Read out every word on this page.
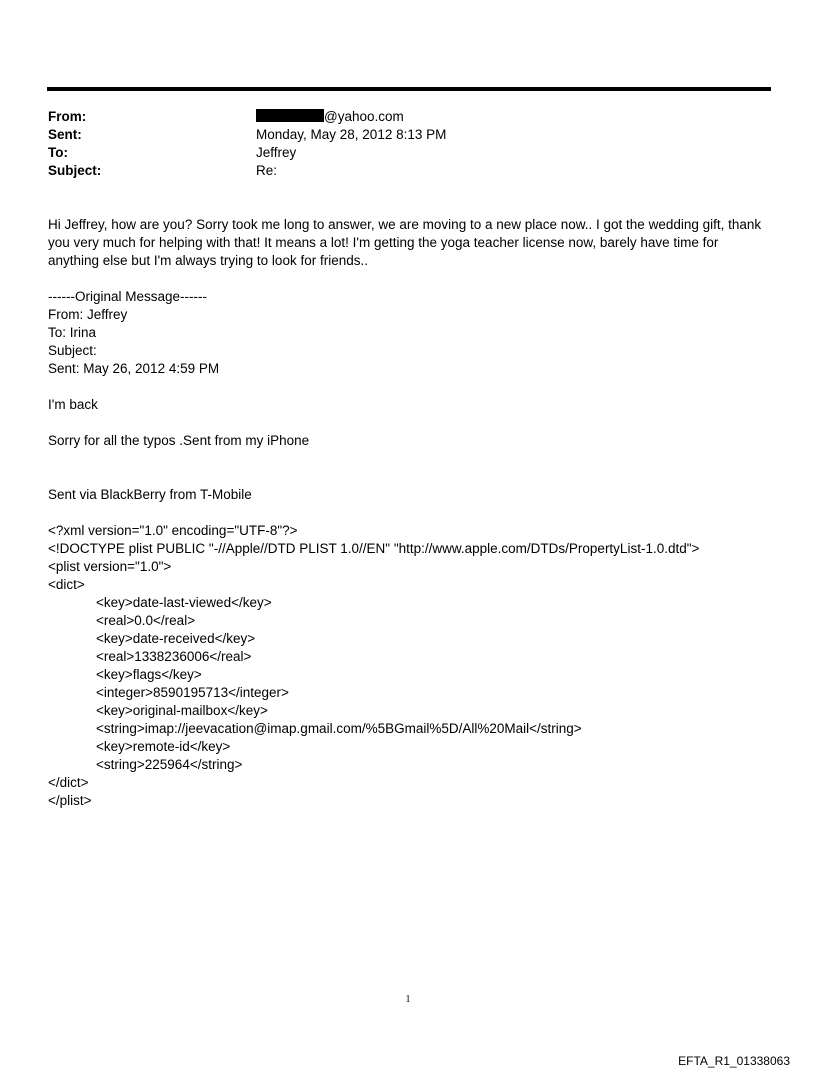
From:	@yahoo.com
Sent:	Monday, May 28, 2012 8:13 PM
To:	Jeffrey
Subject:	Re:

Hi Jeffrey, how are you? Sorry took me long to answer, we are moving to a new place now.. I got the wedding gift, thank

you very much for helping with that! It means a lot! I'm getting the yoga teacher license now, barely have time for

anything else but I'm always trying to look for friends..

------Original Message------

From: Jeffrey

To: Irina

Subject:

Sent: May 26, 2012 4:59 PM

I'm back

Sorry for all the typos .Sent from my iPhone

Sent via BlackBerry from T-Mobile

<?xml version="1.0" encoding="UTF-8"?>

<!DOCTYPE plist PUBLIC "-//Apple//DTD PLIST 1.0//EN" "http://www.apple.com/DTDs/PropertyList-1.0.dtd">

<plist version="1.0">

<dict>

<key>date-last-viewed</key>

<real>0.0</real>

<key>date-received</key>

<real>1338236006</real>

<key>flags</key>

<integer>8590195713</integer>

<key>original-mailbox</key>

<string>imap://jeevacation@imap.gmail.com/%5BGmail%5D/All%20Mail</string>

<key>remote-id</key>

<string>225964</string>

</dict>

</plist>

1
EFTA_R1_01338063
